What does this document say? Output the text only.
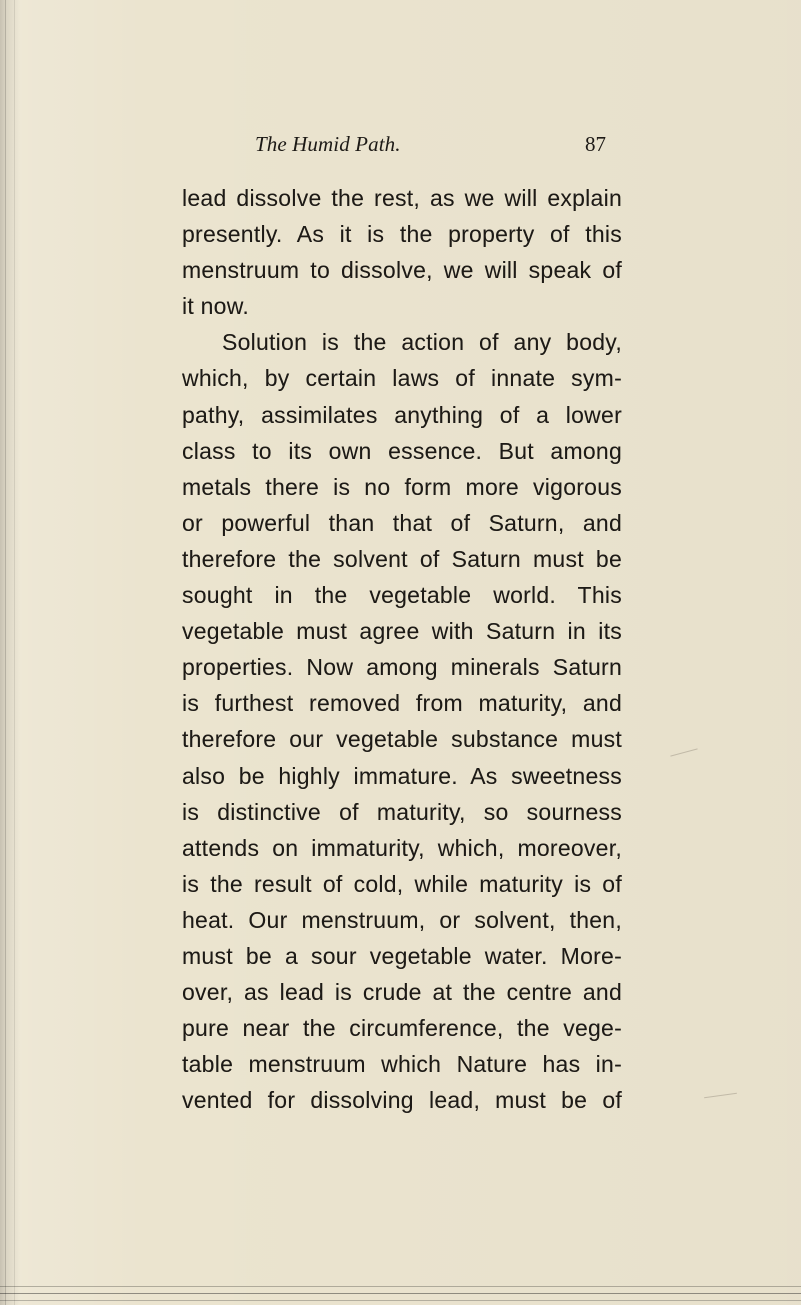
The Humid Path.	87
lead dissolve the rest, as we will explain
presently. As it is the property of this
menstruum to dissolve, we will speak of
it now.
Solution is the action of any body,
which, by certain laws of innate sym-
pathy, assimilates anything of a lower
class to its own essence. But among
metals there is no form more vigorous
or powerful than that of Saturn, and
therefore the solvent of Saturn must be
sought in the vegetable world. This
vegetable must agree with Saturn in its
properties. Now among minerals Saturn
is furthest removed from maturity, and
therefore our vegetable substance must
also be highly immature. As sweetness
is distinctive of maturity, so sourness
attends on immaturity, which, moreover,
is the result of cold, while maturity is of
heat. Our menstruum, or solvent, then,
must be a sour vegetable water. More-
over, as lead is crude at the centre and
pure near the circumference, the vege-
table menstruum which Nature has in-
vented for dissolving lead, must be of
